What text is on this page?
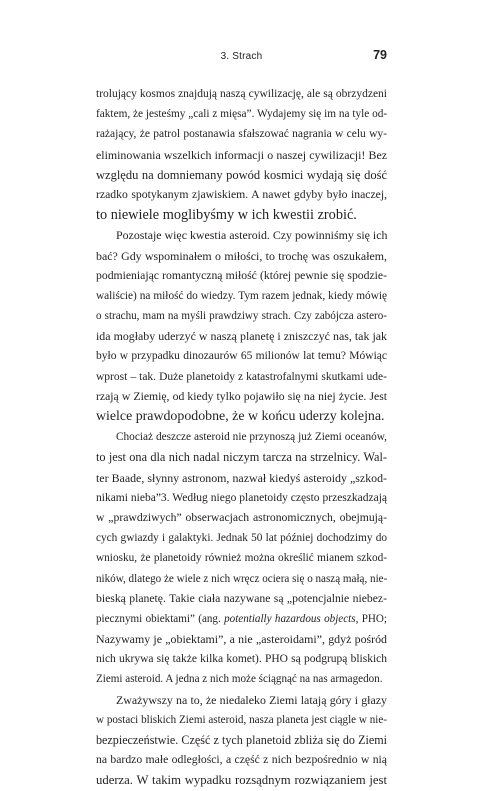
3. Strach	79
trolujący kosmos znajdują naszą cywilizację, ale są obrzydzeni
faktem, że jesteśmy „cali z mięsa”. Wydajemy się im na tyle od-
rażający, że patrol postanawia sfałszować nagrania w celu wy-
eliminowania wszelkich informacji o naszej cywilizacji! Bez
względu na domniemany powód kosmici wydają się dość
rzadko spotykanym zjawiskiem. A nawet gdyby było inaczej,
to niewiele moglibyśmy w ich kwestii zrobić.
Pozostaje więc kwestia asteroid. Czy powinniśmy się ich
bać? Gdy wspominałem o miłości, to trochę was oszukałem,
podmieniając romantyczną miłość (której pewnie się spodzie-
waliście) na miłość do wiedzy. Tym razem jednak, kiedy mówię
o strachu, mam na myśli prawdziwy strach. Czy zabójcza astero-
ida mogłaby uderzyć w naszą planetę i zniszczyć nas, tak jak
było w przypadku dinozaurów 65 milionów lat temu? Mówiąc
wprost – tak. Duże planetoidy z katastrofalnymi skutkami ude-
rzają w Ziemię, od kiedy tylko pojawiło się na niej życie. Jest
wielce prawdopodobne, że w końcu uderzy kolejna.
Chociaż deszcze asteroid nie przynoszą już Ziemi oceanów,
to jest ona dla nich nadal niczym tarcza na strzelnicy. Wal-
ter Baade, słynny astronom, nazwał kiedyś asteroidy „szkod-
nikami nieba”3. Według niego planetoidy często przeszkadzają
w „prawdziwych” obserwacjach astronomicznych, obejmują-
cych gwiazdy i galaktyki. Jednak 50 lat później dochodzimy do
wniosku, że planetoidy również można określić mianem szkod-
ników, dlatego że wiele z nich wręcz ociera się o naszą małą, nie-
bieską planetę. Takie ciała nazywane są „potencjalnie niebez-
piecznymi obiektami” (ang. potentially hazardous objects, PHO;
Nazywamy je „obiektami”, a nie „asteroidami”, gdyż pośród
nich ukrywa się także kilka komet). PHO są podgrupą bliskich
Ziemi asteroid. A jedna z nich może ściągnąć na nas armagedon.
Zważywszy na to, że niedaleko Ziemi latają góry i głazy
w postaci bliskich Ziemi asteroid, nasza planeta jest ciągle w nie-
bezpieczeństwie. Część z tych planetoid zbliża się do Ziemi
na bardzo małe odległości, a część z nich bezpośrednio w nią
uderza. W takim wypadku rozsądnym rozwiązaniem jest
